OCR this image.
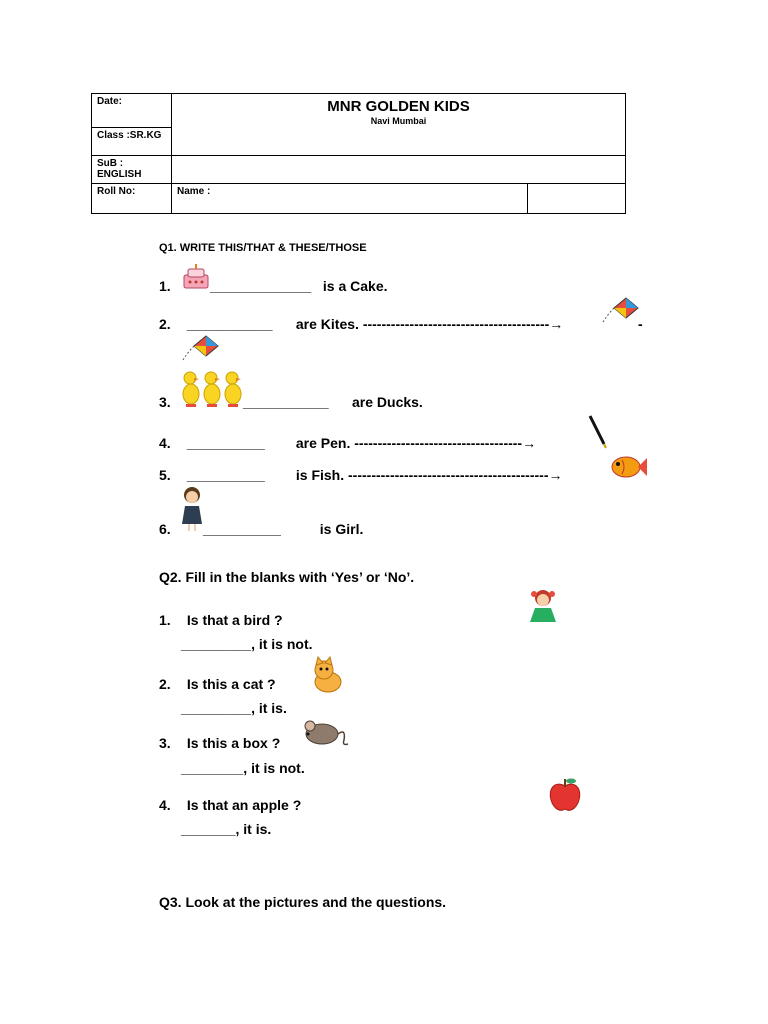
Date:	MNR GOLDEN KIDS
Navi Mumbai	

Class :SR.KG		
SuB : ENGLISH		
Roll No:	Name :	
Q1. WRITE THIS/THAT & THESE/THOSE
1.	_____________ is a Cake.
2. ___________ are Kites. ----------------------------------------→	-
3.	___________ are Ducks.
4. __________ are Pen. ------------------------------------→
5. __________ is Fish. -------------------------------------------→
6.	__________	is Girl.
Q2. Fill in the blanks with ‘Yes’ or ‘No’.
1. Is that a bird ?
_________, it is not.
2. Is this a cat ?
_________, it is.
3. Is this a box ?
________, it is not.
4. Is that an apple ?
_______, it is.
Q3. Look at the pictures and the questions.
